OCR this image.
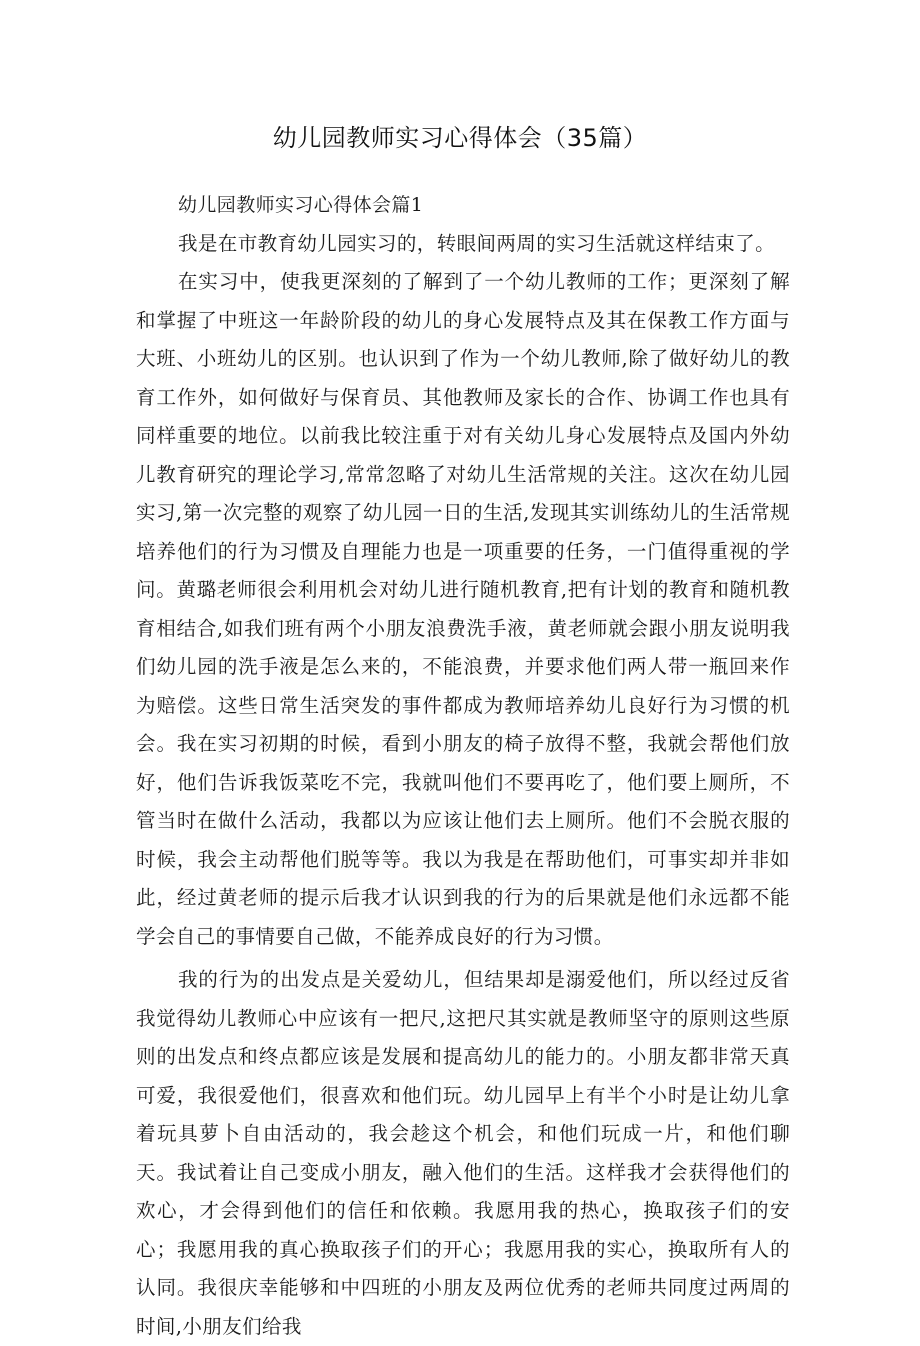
幼儿园教师实习心得体会（35篇）

幼儿园教师实习心得体会篇1

我是在市教育幼儿园实习的，转眼间两周的实习生活就这样结束了。

在实习中，使我更深刻的了解到了一个幼儿教师的工作；更深刻了解和掌握了中班这一年龄阶段的幼儿的身心发展特点及其在保教工作方面与大班、小班幼儿的区别。也认识到了作为一个幼儿教师,除了做好幼儿的教育工作外，如何做好与保育员、其他教师及家长的合作、协调工作也具有同样重要的地位。以前我比较注重于对有关幼儿身心发展特点及国内外幼儿教育研究的理论学习,常常忽略了对幼儿生活常规的关注。这次在幼儿园实习,第一次完整的观察了幼儿园一日的生活,发现其实训练幼儿的生活常规培养他们的行为习惯及自理能力也是一项重要的任务，一门值得重视的学问。黄璐老师很会利用机会对幼儿进行随机教育,把有计划的教育和随机教育相结合,如我们班有两个小朋友浪费洗手液，黄老师就会跟小朋友说明我们幼儿园的洗手液是怎么来的，不能浪费，并要求他们两人带一瓶回来作为赔偿。这些日常生活突发的事件都成为教师培养幼儿良好行为习惯的机会。我在实习初期的时候，看到小朋友的椅子放得不整，我就会帮他们放好，他们告诉我饭菜吃不完，我就叫他们不要再吃了，他们要上厕所，不管当时在做什么活动，我都以为应该让他们去上厕所。他们不会脱衣服的时候，我会主动帮他们脱等等。我以为我是在帮助他们，可事实却并非如此，经过黄老师的提示后我才认识到我的行为的后果就是他们永远都不能学会自己的事情要自己做，不能养成良好的行为习惯。

我的行为的出发点是关爱幼儿，但结果却是溺爱他们，所以经过反省我觉得幼儿教师心中应该有一把尺,这把尺其实就是教师坚守的原则这些原则的出发点和终点都应该是发展和提高幼儿的能力的。小朋友都非常天真可爱，我很爱他们，很喜欢和他们玩。幼儿园早上有半个小时是让幼儿拿着玩具萝卜自由活动的，我会趁这个机会，和他们玩成一片，和他们聊天。我试着让自己变成小朋友，融入他们的生活。这样我才会获得他们的欢心，才会得到他们的信任和依赖。我愿用我的热心，换取孩子们的安心；我愿用我的真心换取孩子们的开心；我愿用我的实心，换取所有人的认同。我很庆幸能够和中四班的小朋友及两位优秀的老师共同度过两周的时间,小朋友们给我
